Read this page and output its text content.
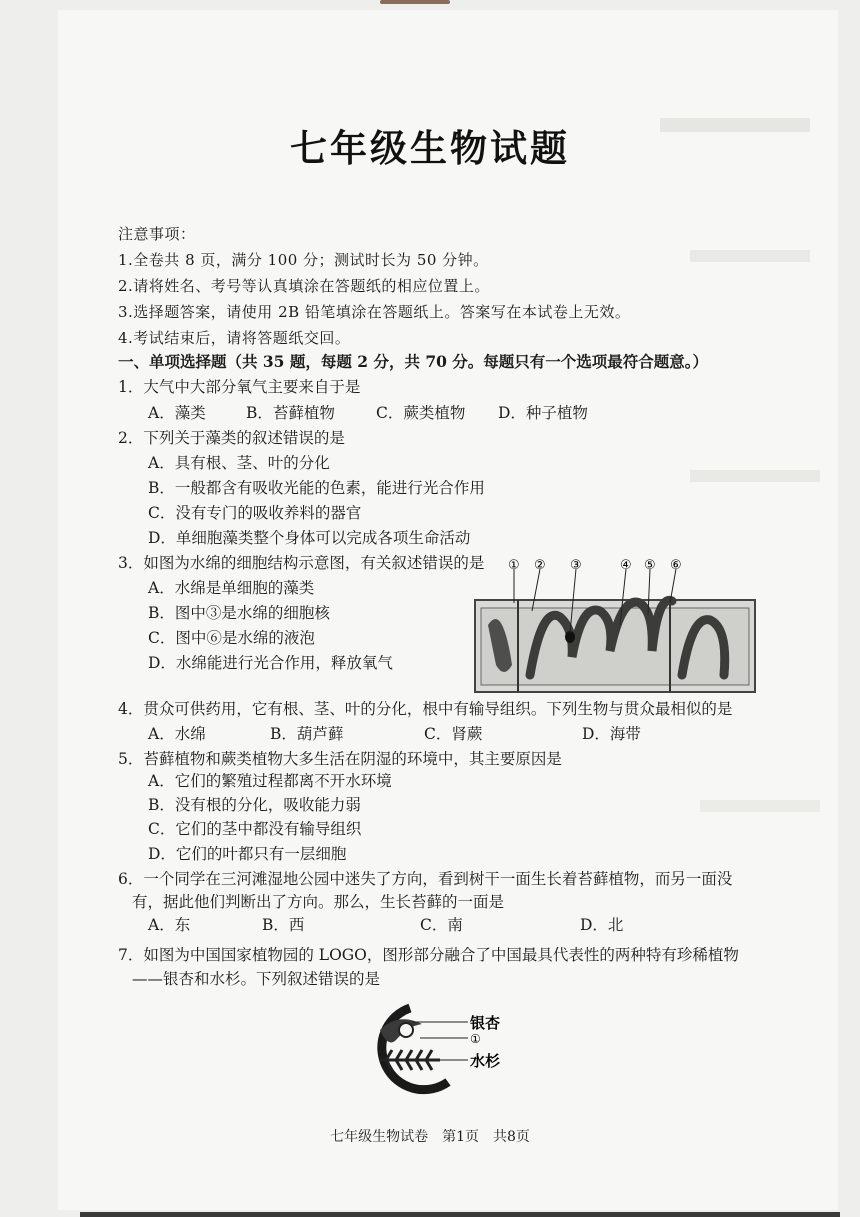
七年级生物试题
注意事项：
1.全卷共 8 页，满分 100 分；测试时长为 50 分钟。
2.请将姓名、考号等认真填涂在答题纸的相应位置上。
3.选择题答案，请使用 2B 铅笔填涂在答题纸上。答案写在本试卷上无效。
4.考试结束后，请将答题纸交回。
一、单项选择题（共 35 题，每题 2 分，共 70 分。每题只有一个选项最符合题意。）
1．大气中大部分氧气主要来自于是
A．藻类	B．苔藓植物	C．蕨类植物 D．种子植物
2．下列关于藻类的叙述错误的是
A．具有根、茎、叶的分化
B．一般都含有吸收光能的色素，能进行光合作用
C．没有专门的吸收养料的器官
D．单细胞藻类整个身体可以完成各项生命活动
3．如图为水绵的细胞结构示意图，有关叙述错误的是
A．水绵是单细胞的藻类
B．图中③是水绵的细胞核
C．图中⑥是水绵的液泡
D．水绵能进行光合作用，释放氧气
① ② ③	④ ⑤ ⑥
4．贯众可供药用，它有根、茎、叶的分化，根中有输导组织。下列生物与贯众最相似的是
A．水绵	B．葫芦藓	C．肾蕨	D．海带
5．苔藓植物和蕨类植物大多生活在阴湿的环境中，其主要原因是
A．它们的繁殖过程都离不开水环境
B．没有根的分化，吸收能力弱
C．它们的茎中都没有输导组织
D．它们的叶都只有一层细胞
6．一个同学在三河滩湿地公园中迷失了方向，看到树干一面生长着苔藓植物，而另一面没
有，据此他们判断出了方向。那么，生长苔藓的一面是
A．东	B．西	C．南	D．北
7．如图为中国国家植物园的 LOGO，图形部分融合了中国最具代表性的两种特有珍稀植物
——银杏和水杉。下列叙述错误的是
银杏
①
水杉
七年级生物试卷　第1页　共8页
